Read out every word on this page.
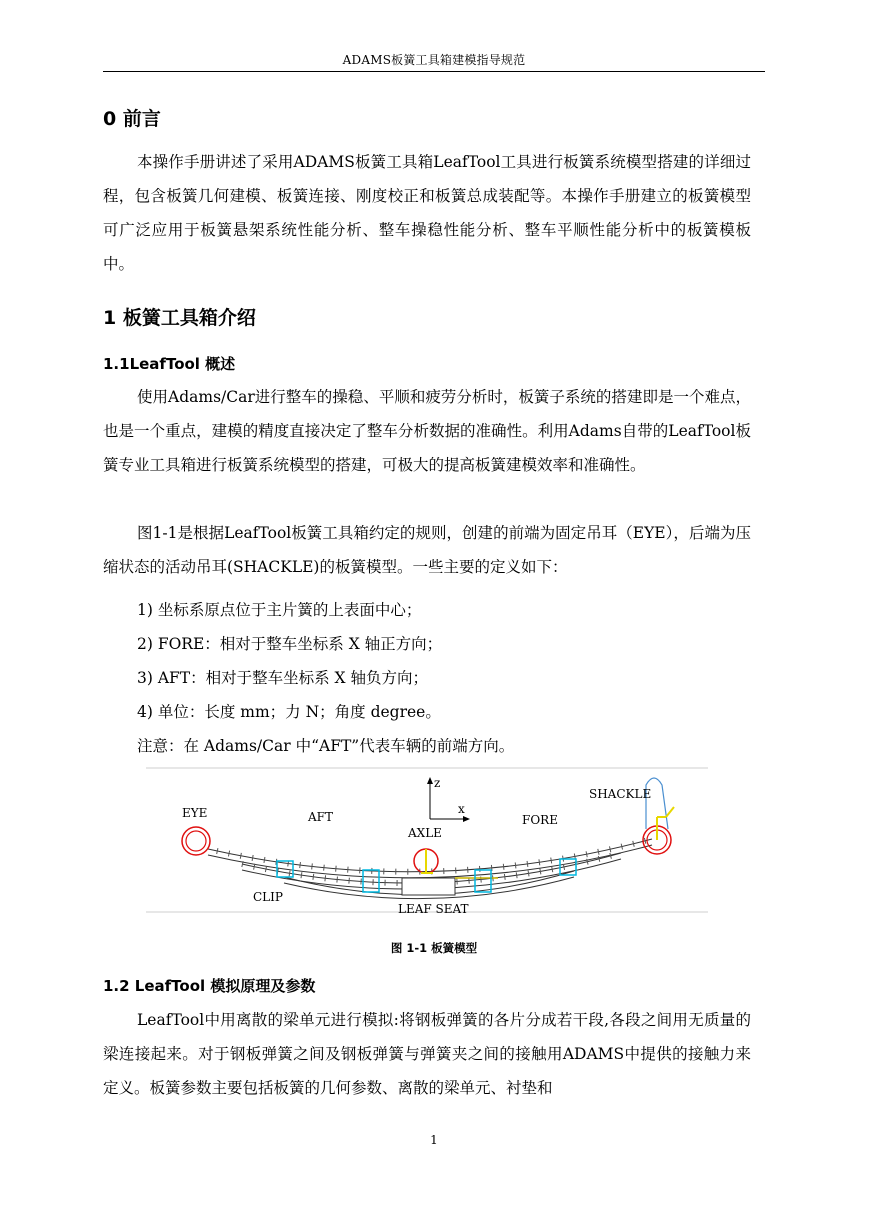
ADAMS板簧工具箱建模指导规范
0 前言

本操作手册讲述了采用ADAMS板簧工具箱LeafTool工具进行板簧系统模型搭建的详细过程，包含板簧几何建模、板簧连接、刚度校正和板簧总成装配等。本操作手册建立的板簧模型可广泛应用于板簧悬架系统性能分析、整车操稳性能分析、整车平顺性能分析中的板簧模板中。

1 板簧工具箱介绍
1.1LeafTool 概述

使用Adams/Car进行整车的操稳、平顺和疲劳分析时，板簧子系统的搭建即是一个难点，也是一个重点，建模的精度直接决定了整车分析数据的准确性。利用Adams自带的LeafTool板簧专业工具箱进行板簧系统模型的搭建，可极大的提高板簧建模效率和准确性。

图1-1是根据LeafTool板簧工具箱约定的规则，创建的前端为固定吊耳（EYE），后端为压缩状态的活动吊耳(SHACKLE)的板簧模型。一些主要的定义如下：

1) 坐标系原点位于主片簧的上表面中心；
2) FORE：相对于整车坐标系 X 轴正方向；
3) AFT：相对于整车坐标系 X 轴负方向；
4) 单位：长度 mm；力 N；角度 degree。
注意：在 Adams/Car 中“AFT”代表车辆的前端方向。
z
x
EYE	AFT
AXLE
FORE
SHACKLE
CLIP
LEAF SEAT
图 1-1 板簧模型
1.2 LeafTool 模拟原理及参数

LeafTool中用离散的梁单元进行模拟:将钢板弹簧的各片分成若干段,各段之间用无质量的梁连接起来。对于钢板弹簧之间及钢板弹簧与弹簧夹之间的接触用ADAMS中提供的接触力来定义。板簧参数主要包括板簧的几何参数、离散的梁单元、衬垫和

1
